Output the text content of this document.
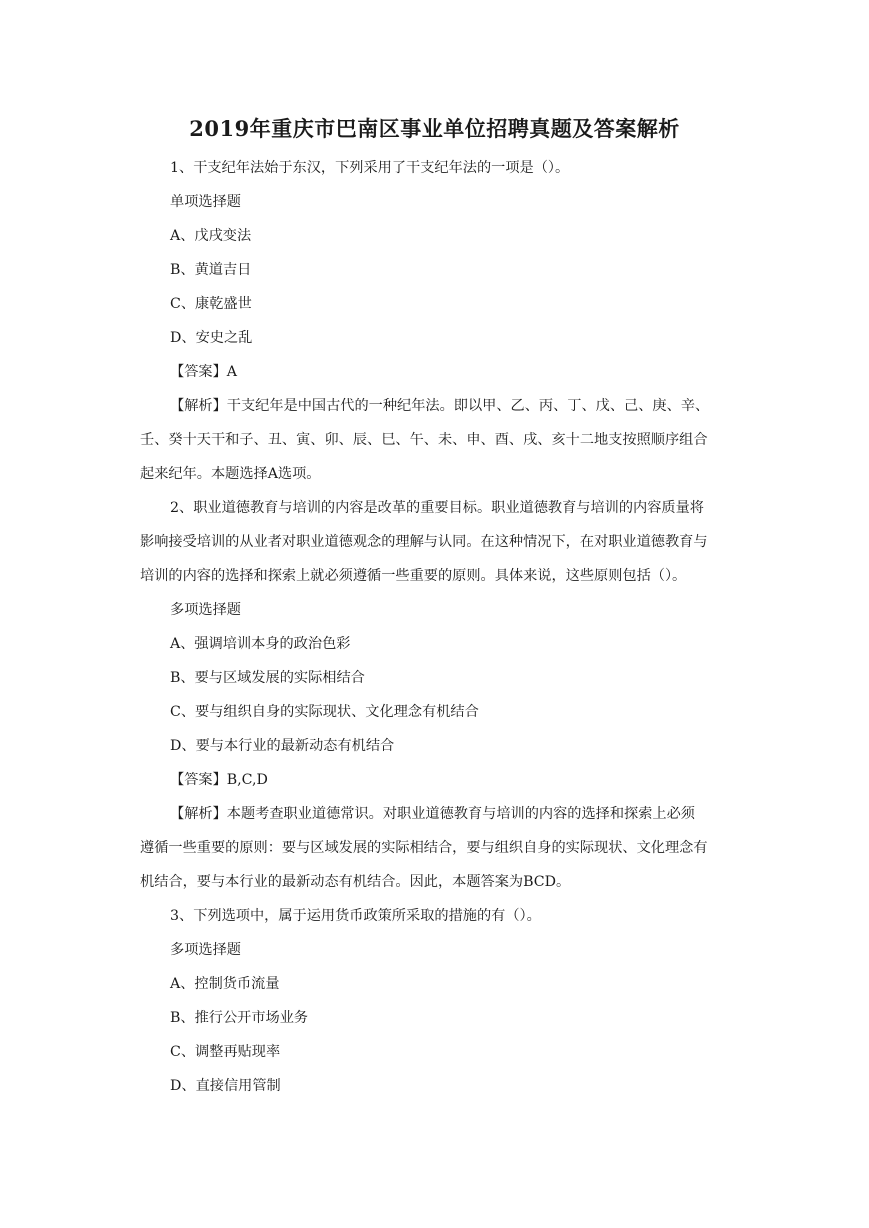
2019年重庆市巴南区事业单位招聘真题及答案解析
1、干支纪年法始于东汉，下列采用了干支纪年法的一项是（）。
单项选择题
A、戊戌变法
B、黄道吉日
C、康乾盛世
D、安史之乱
【答案】A
【解析】干支纪年是中国古代的一种纪年法。即以甲、乙、丙、丁、戊、己、庚、辛、
壬、癸十天干和子、丑、寅、卯、辰、巳、午、未、申、酉、戌、亥十二地支按照顺序组合
起来纪年。本题选择A选项。
2、职业道德教育与培训的内容是改革的重要目标。职业道德教育与培训的内容质量将
影响接受培训的从业者对职业道德观念的理解与认同。在这种情况下，在对职业道德教育与
培训的内容的选择和探索上就必须遵循一些重要的原则。具体来说，这些原则包括（）。
多项选择题
A、强调培训本身的政治色彩
B、要与区域发展的实际相结合
C、要与组织自身的实际现状、文化理念有机结合
D、要与本行业的最新动态有机结合
【答案】B,C,D
【解析】本题考查职业道德常识。对职业道德教育与培训的内容的选择和探索上必须
遵循一些重要的原则：要与区域发展的实际相结合，要与组织自身的实际现状、文化理念有
机结合，要与本行业的最新动态有机结合。因此，本题答案为BCD。
3、下列选项中，属于运用货币政策所采取的措施的有（）。
多项选择题
A、控制货币流量
B、推行公开市场业务
C、调整再贴现率
D、直接信用管制
